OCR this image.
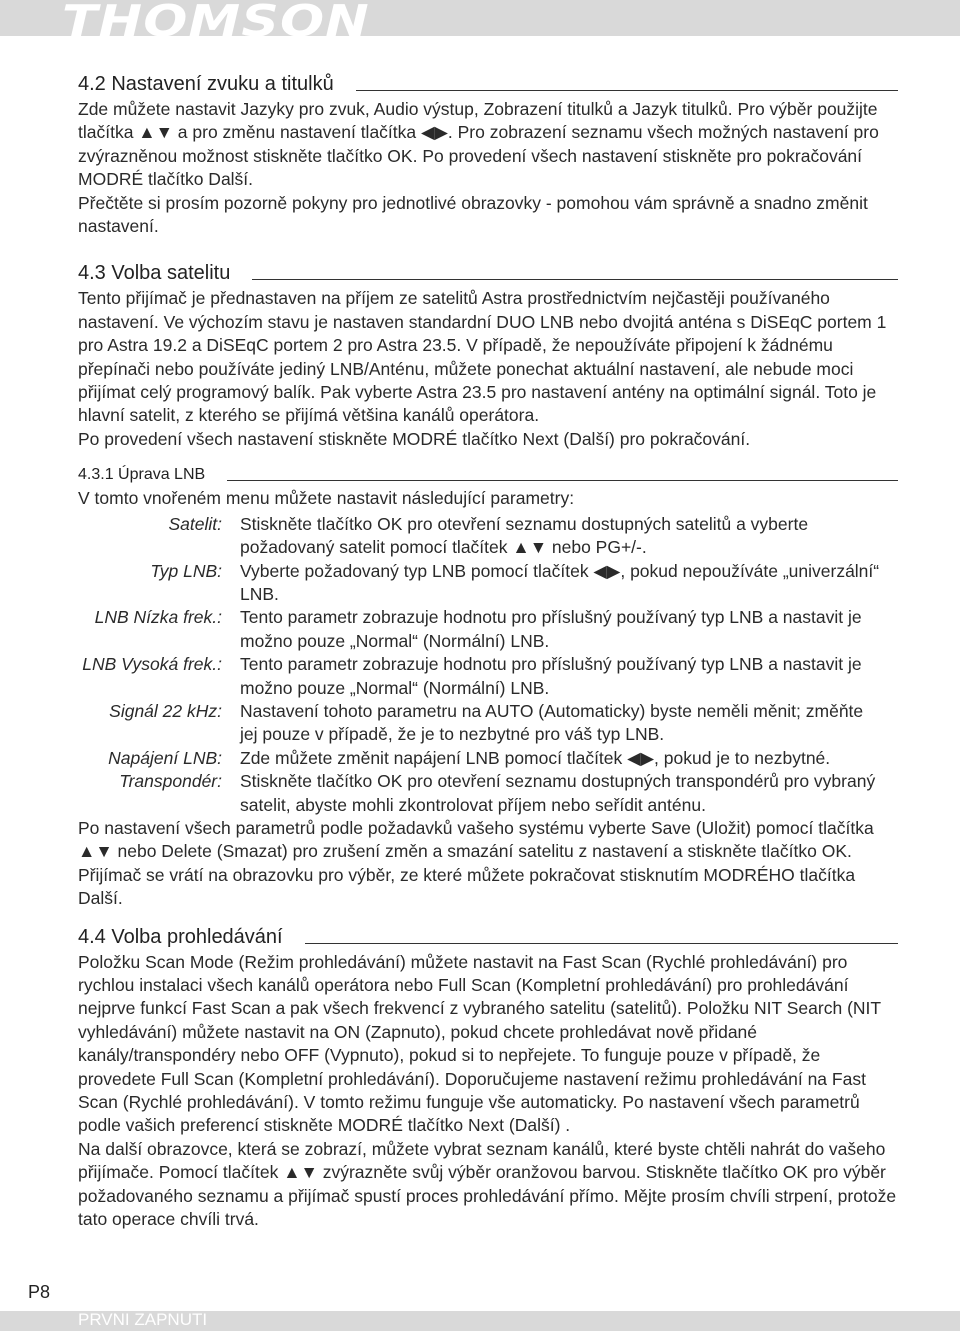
THOMSON
4.2 Nastavení zvuku a titulků

Zde můžete nastavit Jazyky pro zvuk, Audio výstup, Zobrazení titulků a Jazyk titulků. Pro výběr použijte tlačítka ▲▼ a pro změnu nastavení tlačítka ◀▶. Pro zobrazení seznamu všech možných nastavení pro zvýrazněnou možnost stiskněte tlačítko OK. Po provedení všech nastavení stiskněte pro pokračování MODRÉ tlačítko Další.

Přečtěte si prosím pozorně pokyny pro jednotlivé obrazovky - pomohou vám správně a snadno změnit nastavení.

4.3 Volba satelitu

Tento přijímač je přednastaven na příjem ze satelitů Astra prostřednictvím nejčastěji používaného nastavení. Ve výchozím stavu je nastaven standardní DUO LNB nebo dvojitá anténa s DiSEqC portem 1 pro Astra 19.2 a DiSEqC portem 2 pro Astra 23.5. V případě, že nepoužíváte připojení k žádnému přepínači nebo používáte jediný LNB/Anténu, můžete ponechat aktuální nastavení, ale nebude moci přijímat celý programový balík. Pak vyberte Astra 23.5 pro nastavení antény na optimální signál. Toto je hlavní satelit, z kterého se přijímá většina kanálů operátora.

Po provedení všech nastavení stiskněte MODRÉ tlačítko Next (Další) pro pokračování.

4.3.1 Úprava LNB

V tomto vnořeném menu můžete nastavit následující parametry:

Satelit:	Stiskněte tlačítko OK pro otevření seznamu dostupných satelitů a vyberte požadovaný satelit pomocí tlačítek ▲▼ nebo PG+/-.
Typ LNB:	Vyberte požadovaný typ LNB pomocí tlačítek ◀▶, pokud nepoužíváte „univerzální“ LNB.
LNB Nízka frek.:	Tento parametr zobrazuje hodnotu pro příslušný používaný typ LNB a nastavit je možno pouze „Normal“ (Normální) LNB.
LNB Vysoká frek.:	Tento parametr zobrazuje hodnotu pro příslušný používaný typ LNB a nastavit je možno pouze „Normal“ (Normální) LNB.
Signál 22 kHz:	Nastavení tohoto parametru na AUTO (Automaticky) byste neměli měnit; změňte jej pouze v případě, že je to nezbytné pro váš typ LNB.
Napájení LNB:	Zde můžete změnit napájení LNB pomocí tlačítek ◀▶, pokud je to nezbytné.
Transpondér:	Stiskněte tlačítko OK pro otevření seznamu dostupných transpondérů pro vybraný satelit, abyste mohli zkontrolovat příjem nebo seřídit anténu.

Po nastavení všech parametrů podle požadavků vašeho systému vyberte Save (Uložit) pomocí tlačítka ▲▼ nebo Delete (Smazat) pro zrušení změn a smazání satelitu z nastavení a stiskněte tlačítko OK. Přijímač se vrátí na obrazovku pro výběr, ze které můžete pokračovat stisknutím MODRÉHO tlačítka Další.

4.4 Volba prohledávání

Položku Scan Mode (Režim prohledávání) můžete nastavit na Fast Scan (Rychlé prohledávání) pro rychlou instalaci všech kanálů operátora nebo Full Scan (Kompletní prohledávání) pro prohledávání nejprve funkcí Fast Scan a pak všech frekvencí z vybraného satelitu (satelitů). Položku NIT Search (NIT vyhledávání) můžete nastavit na ON (Zapnuto), pokud chcete prohledávat nově přidané kanály/transpondéry nebo OFF (Vypnuto), pokud si to nepřejete. To funguje pouze v případě, že provedete Full Scan (Kompletní prohledávání). Doporučujeme nastavení režimu prohledávání na Fast Scan (Rychlé prohledávání). V tomto režimu funguje vše automaticky. Po nastavení všech parametrů podle vašich preferencí stiskněte MODRÉ tlačítko Next (Další) .

Na další obrazovce, která se zobrazí, můžete vybrat seznam kanálů, které byste chtěli nahrát do vašeho přijímače. Pomocí tlačítek ▲▼ zvýrazněte svůj výběr oranžovou barvou. Stiskněte tlačítko OK pro výběr požadovaného seznamu a přijímač spustí proces prohledávání přímo. Mějte prosím chvíli strpení, protože tato operace chvíli trvá.

P8
PRVNI ZAPNUTI
